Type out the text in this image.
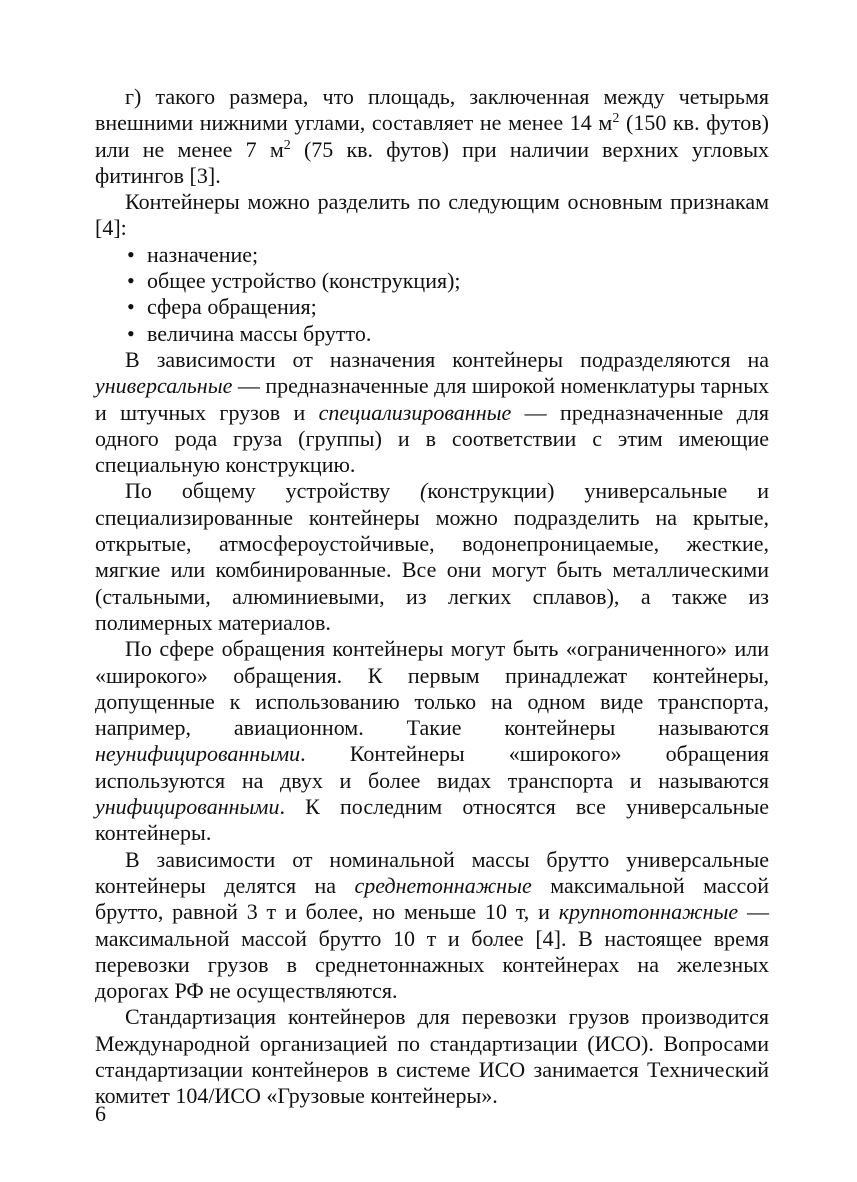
г) такого размера, что площадь, заключенная между четырьмя внешними нижними углами, составляет не менее 14 $м^2$ (150 кв. футов) или не менее 7 $м^2$ (75 кв. футов) при наличии верхних угловых фитингов [3].

Контейнеры можно разделить по следующим основным признакам [4]:

• назначение;
• общее устройство (конструкция);
• сфера обращения;
• величина массы брутто.

В зависимости от назначения контейнеры подразделяются на универсальные — предназначенные для широкой номенклатуры тарных и штучных грузов и специализированные — предназначенные для одного рода груза (группы) и в соответствии с этим имеющие специальную конструкцию.

По общему устройству (конструкции) универсальные и специализированные контейнеры можно подразделить на крытые, открытые, атмосфероустойчивые, водонепроницаемые, жесткие, мягкие или комбинированные. Все они могут быть металлическими (стальными, алюминиевыми, из легких сплавов), а также из полимерных материалов.

По сфере обращения контейнеры могут быть «ограниченного» или «широкого» обращения. К первым принадлежат контейнеры, допущенные к использованию только на одном виде транспорта, например, авиационном. Такие контейнеры называются неунифицированными. Контейнеры «широкого» обращения используются на двух и более видах транспорта и называются унифицированными. К последним относятся все универсальные контейнеры.

В зависимости от номинальной массы брутто универсальные контейнеры делятся на среднетоннажные максимальной массой брутто, равной 3 т и более, но меньше 10 т, и крупнотоннажные — максимальной массой брутто 10 т и более [4]. В настоящее время перевозки грузов в среднетоннажных контейнерах на железных дорогах РФ не осуществляются.

Стандартизация контейнеров для перевозки грузов производится Международной организацией по стандартизации (ИСО). Вопросами стандартизации контейнеров в системе ИСО занимается Технический комитет 104/ИСО «Грузовые контейнеры».

6
